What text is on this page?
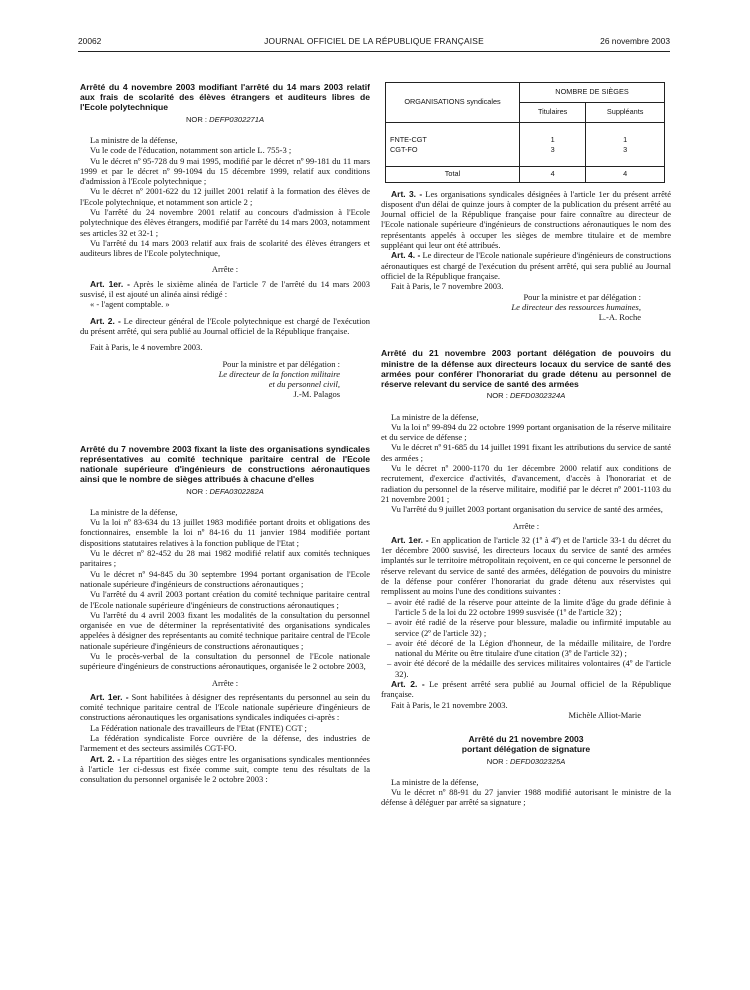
20062	JOURNAL OFFICIEL DE LA RÉPUBLIQUE FRANÇAISE	26 novembre 2003
Arrêté du 4 novembre 2003 modifiant l'arrêté du 14 mars 2003 relatif aux frais de scolarité des élèves étrangers et auditeurs libres de l'Ecole polytechnique
NOR : DEFP0302271A

La ministre de la défense,

Vu le code de l'éducation, notamment son article L. 755-3 ;

Vu le décret nº 95-728 du 9 mai 1995, modifié par le décret nº 99-181 du 11 mars 1999 et par le décret nº 99-1094 du 15 décembre 1999, relatif aux conditions d'admission à l'Ecole polytechnique ;

Vu le décret nº 2001-622 du 12 juillet 2001 relatif à la formation des élèves de l'Ecole polytechnique, et notamment son article 2 ;

Vu l'arrêté du 24 novembre 2001 relatif au concours d'admission à l'Ecole polytechnique des élèves étrangers, modifié par l'arrêté du 14 mars 2003, notamment ses articles 32 et 32-1 ;

Vu l'arrêté du 14 mars 2003 relatif aux frais de scolarité des élèves étrangers et auditeurs libres de l'Ecole polytechnique,

Arrête :

Art. 1er. - Après le sixième alinéa de l'article 7 de l'arrêté du 14 mars 2003 susvisé, il est ajouté un alinéa ainsi rédigé :

« - l'agent comptable. »

Art. 2. - Le directeur général de l'Ecole polytechnique est chargé de l'exécution du présent arrêté, qui sera publié au Journal officiel de la République française.

Fait à Paris, le 4 novembre 2003.

Pour la ministre et par délégation :

Le directeur de la fonction militaire

et du personnel civil,

J.-M. Palagos

Arrêté du 7 novembre 2003 fixant la liste des organisations syndicales représentatives au comité technique paritaire central de l'Ecole nationale supérieure d'ingénieurs de constructions aéronautiques ainsi que le nombre de sièges attribués à chacune d'elles
NOR : DEFA0302282A

La ministre de la défense,

Vu la loi nº 83-634 du 13 juillet 1983 modifiée portant droits et obligations des fonctionnaires, ensemble la loi nº 84-16 du 11 janvier 1984 modifiée portant dispositions statutaires relatives à la fonction publique de l'Etat ;

Vu le décret nº 82-452 du 28 mai 1982 modifié relatif aux comités techniques paritaires ;

Vu le décret nº 94-845 du 30 septembre 1994 portant organisation de l'Ecole nationale supérieure d'ingénieurs de constructions aéronautiques ;

Vu l'arrêté du 4 avril 2003 portant création du comité technique paritaire central de l'Ecole nationale supérieure d'ingénieurs de constructions aéronautiques ;

Vu l'arrêté du 4 avril 2003 fixant les modalités de la consultation du personnel organisée en vue de déterminer la représentativité des organisations syndicales appelées à désigner des représentants au comité technique paritaire central de l'Ecole nationale supérieure d'ingénieurs de constructions aéronautiques ;

Vu le procès-verbal de la consultation du personnel de l'Ecole nationale supérieure d'ingénieurs de constructions aéronautiques, organisée le 2 octobre 2003,

Arrête :

Art. 1er. - Sont habilitées à désigner des représentants du personnel au sein du comité technique paritaire central de l'Ecole nationale supérieure d'ingénieurs de constructions aéronautiques les organisations syndicales indiquées ci-après :

La Fédération nationale des travailleurs de l'Etat (FNTE) CGT ;

La fédération syndicaliste Force ouvrière de la défense, des industries de l'armement et des secteurs assimilés CGT-FO.

Art. 2. - La répartition des sièges entre les organisations syndicales mentionnées à l'article 1er ci-dessus est fixée comme suit, compte tenu des résultats de la consultation du personnel organisée le 2 octobre 2003 :

ORGANISATIONS syndicales	NOMBRE DE SIÈGES	
	Titulaires	Suppléants
FNTE-CGT	1	1
CGT-FO	3	3
Total	4	4

Art. 3. - Les organisations syndicales désignées à l'article 1er du présent arrêté disposent d'un délai de quinze jours à compter de la publication du présent arrêté au Journal officiel de la République française pour faire connaître au directeur de l'Ecole nationale supérieure d'ingénieurs de constructions aéronautiques le nom des représentants appelés à occuper les sièges de membre titulaire et de membre suppléant qui leur ont été attribués.

Art. 4. - Le directeur de l'Ecole nationale supérieure d'ingénieurs de constructions aéronautiques est chargé de l'exécution du présent arrêté, qui sera publié au Journal officiel de la République française.

Fait à Paris, le 7 novembre 2003.

Pour la ministre et par délégation :

Le directeur des ressources humaines,

L.-A. Roche

Arrêté du 21 novembre 2003 portant délégation de pouvoirs du ministre de la défense aux directeurs locaux du service de santé des armées pour conférer l'honorariat du grade détenu au personnel de réserve relevant du service de santé des armées
NOR : DEFD0302324A

La ministre de la défense,

Vu la loi nº 99-894 du 22 octobre 1999 portant organisation de la réserve militaire et du service de défense ;

Vu le décret nº 91-685 du 14 juillet 1991 fixant les attributions du service de santé des armées ;

Vu le décret nº 2000-1170 du 1er décembre 2000 relatif aux conditions de recrutement, d'exercice d'activités, d'avancement, d'accès à l'honorariat et de radiation du personnel de la réserve militaire, modifié par le décret nº 2001-1103 du 21 novembre 2001 ;

Vu l'arrêté du 9 juillet 2003 portant organisation du service de santé des armées,

Arrête :

Art. 1er. - En application de l'article 32 (1º à 4º) et de l'article 33-1 du décret du 1er décembre 2000 susvisé, les directeurs locaux du service de santé des armées implantés sur le territoire métropolitain reçoivent, en ce qui concerne le personnel de réserve relevant du service de santé des armées, délégation de pouvoirs du ministre de la défense pour conférer l'honorariat du grade détenu aux réservistes qui remplissent au moins l'une des conditions suivantes :

– avoir été radié de la réserve pour atteinte de la limite d'âge du grade définie à l'article 5 de la loi du 22 octobre 1999 susvisée (1º de l'article 32) ;
– avoir été radié de la réserve pour blessure, maladie ou infirmité imputable au service (2º de l'article 32) ;
– avoir été décoré de la Légion d'honneur, de la médaille militaire, de l'ordre national du Mérite ou être titulaire d'une citation (3º de l'article 32) ;
– avoir été décoré de la médaille des services militaires volontaires (4º de l'article 32).

Art. 2. - Le présent arrêté sera publié au Journal officiel de la République française.

Fait à Paris, le 21 novembre 2003.

Michèle Alliot-Marie

Arrêté du 21 novembre 2003
portant délégation de signature
NOR : DEFD0302325A

La ministre de la défense,

Vu le décret nº 88-91 du 27 janvier 1988 modifié autorisant le ministre de la défense à déléguer par arrêté sa signature ;
